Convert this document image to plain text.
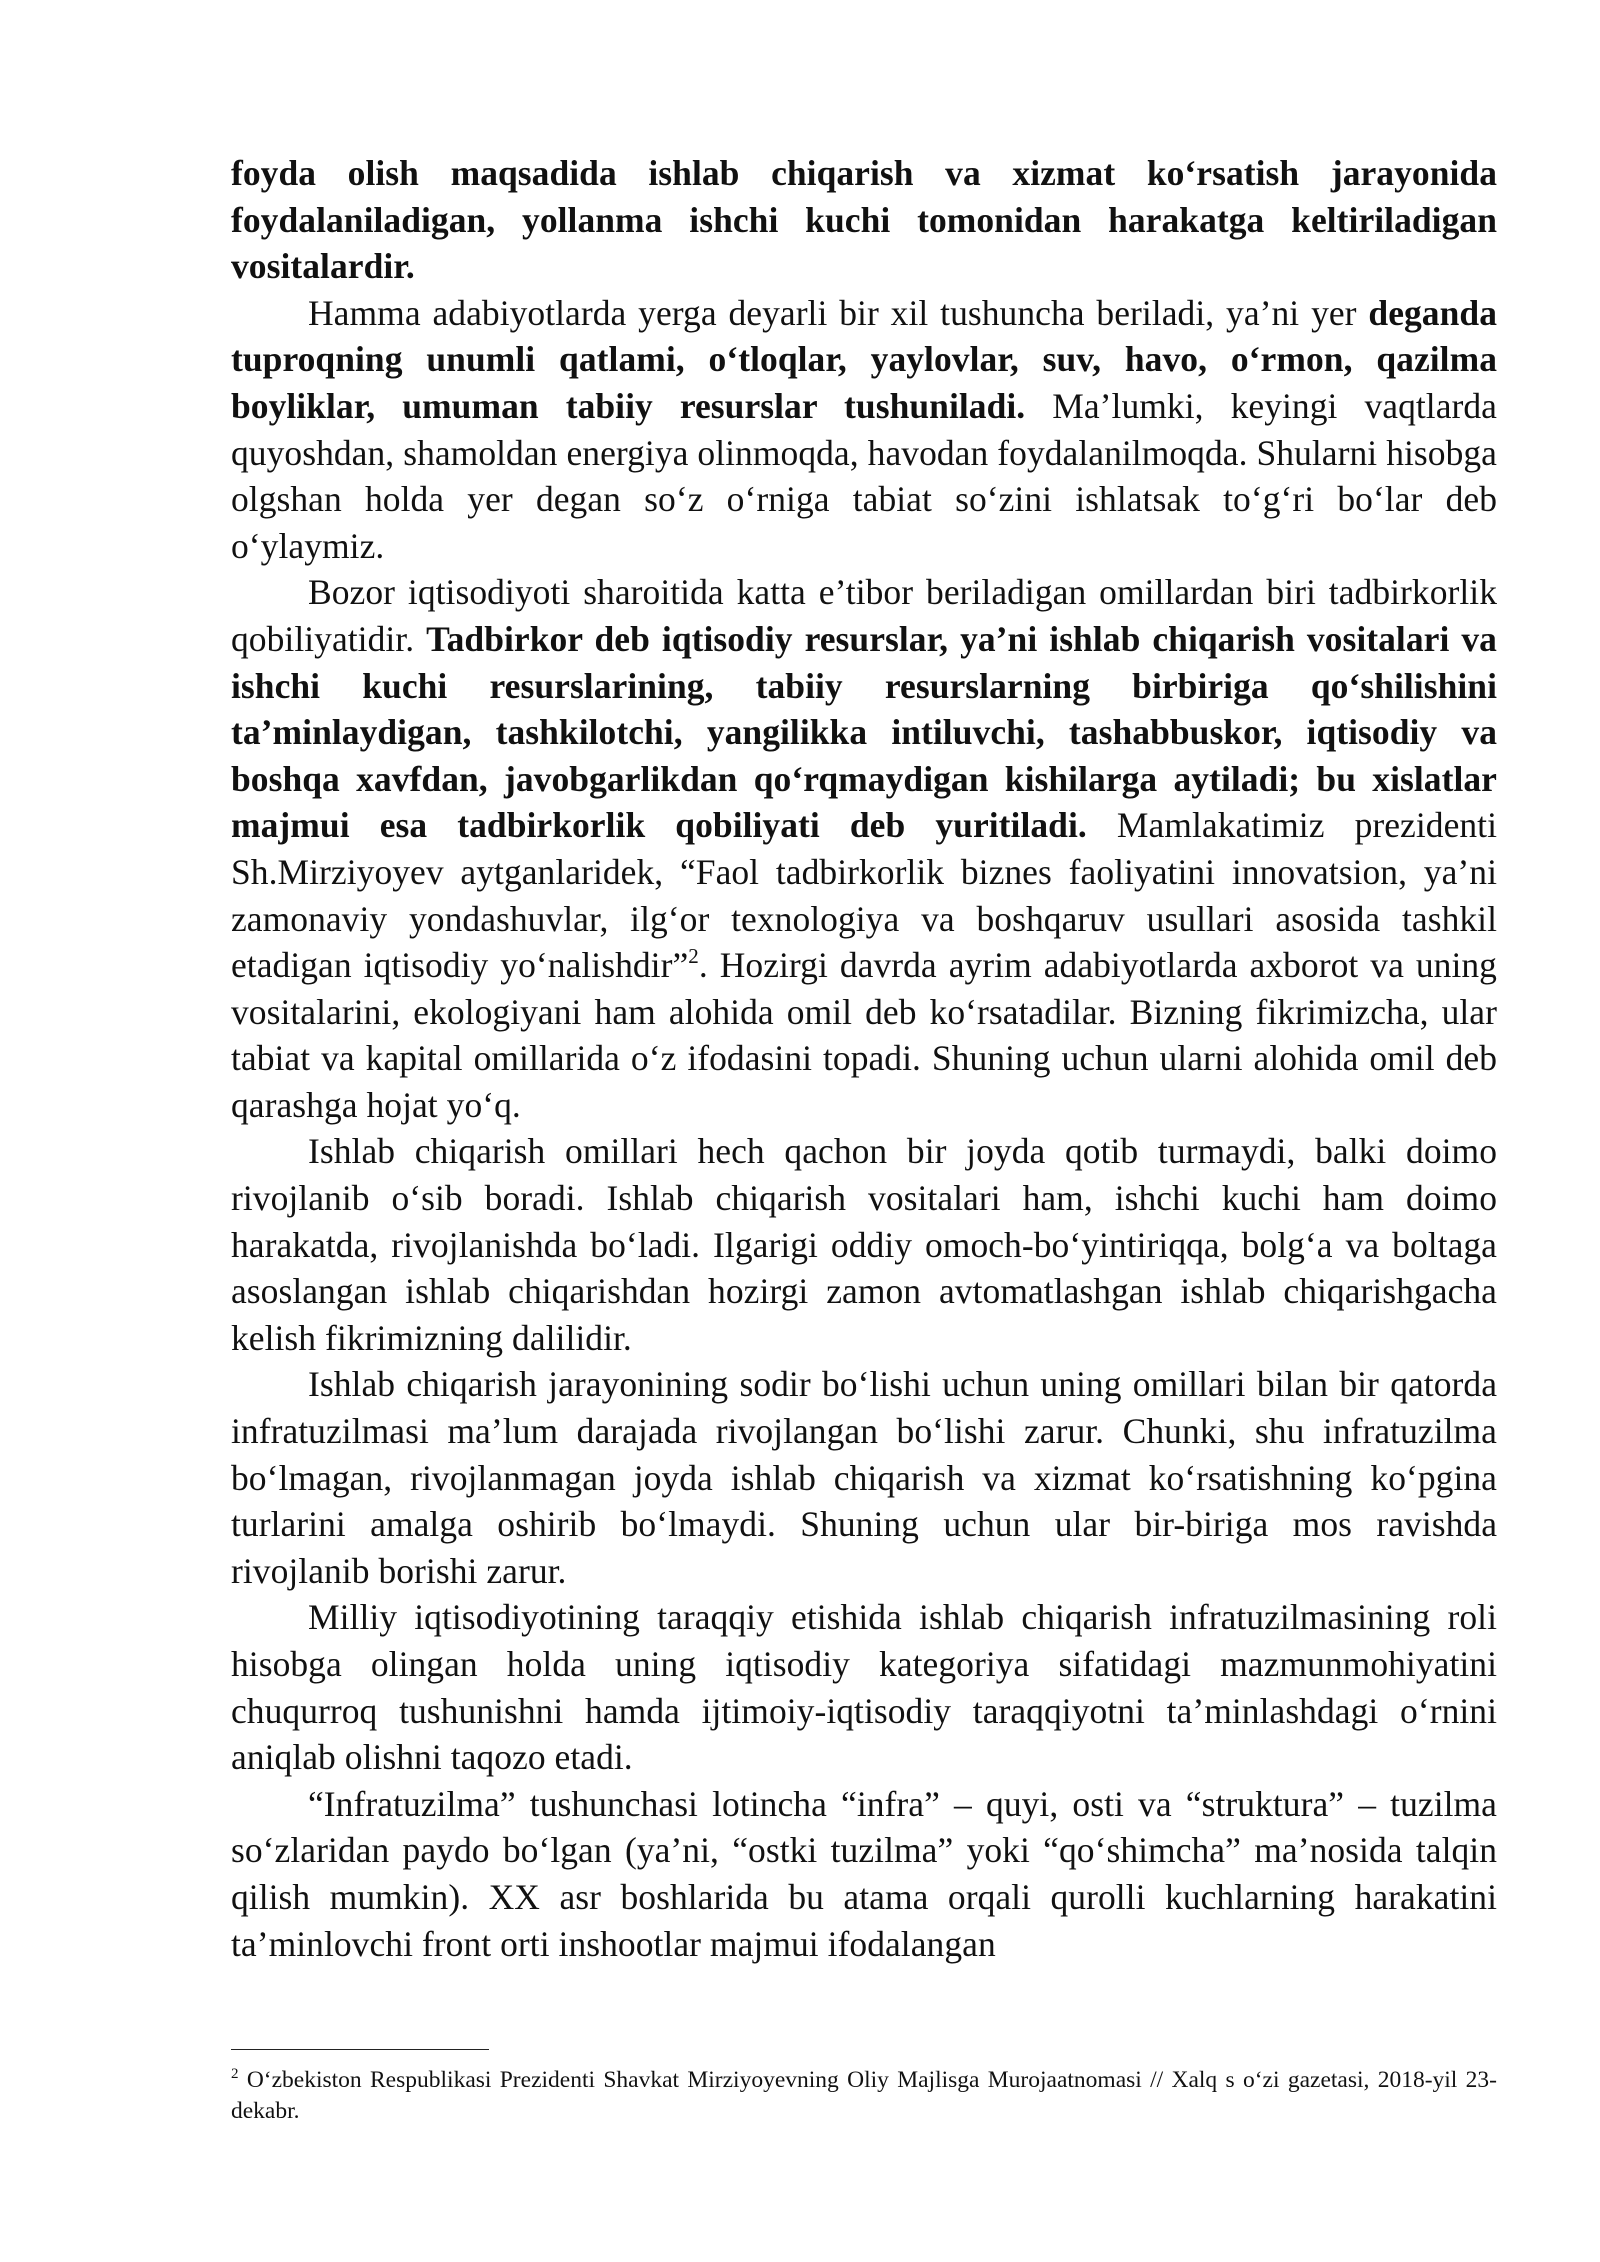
foyda olish maqsadida ishlab chiqarish va xizmat koʻrsatish jarayonida foydalaniladigan, yollanma ishchi kuchi tomonidan harakatga keltiriladigan vositalardir.

Hamma adabiyotlarda yerga deyarli bir xil tushuncha beriladi, ya’ni yer deganda tuproqning unumli qatlami, oʻtloqlar, yaylovlar, suv, havo, oʻrmon, qazilma boyliklar, umuman tabiiy resurslar tushuniladi. Ma’lumki, keyingi vaqtlarda quyoshdan, shamoldan energiya olinmoqda, havodan foydalanilmoqda. Shularni hisobga olgshan holda yer degan soʻz oʻrniga tabiat soʻzini ishlatsak toʻgʻri boʻlar deb oʻylaymiz.

Bozor iqtisodiyoti sharoitida katta e’tibor beriladigan omillardan biri tadbirkorlik qobiliyatidir. Tadbirkor deb iqtisodiy resurslar, ya’ni ishlab chiqarish vositalari va ishchi kuchi resurslarining, tabiiy resurslarning birbiriga qoʻshilishini ta’minlaydigan, tashkilotchi, yangilikka intiluvchi, tashabbuskor, iqtisodiy va boshqa xavfdan, javobgarlikdan qoʻrqmaydigan kishilarga aytiladi; bu xislatlar majmui esa tadbirkorlik qobiliyati deb yuritiladi. Mamlakatimiz prezidenti Sh.Mirziyoyev aytganlaridek, “Faol tadbirkorlik biznes faoliyatini innovatsion, ya’ni zamonaviy yondashuvlar, ilgʻor texnologiya va boshqaruv usullari asosida tashkil etadigan iqtisodiy yoʻnalishdir”$^2$. Hozirgi davrda ayrim adabiyotlarda axborot va uning vositalarini, ekologiyani ham alohida omil deb koʻrsatadilar. Bizning fikrimizcha, ular tabiat va kapital omillarida oʻz ifodasini topadi. Shuning uchun ularni alohida omil deb qarashga hojat yoʻq.

Ishlab chiqarish omillari hech qachon bir joyda qotib turmaydi, balki doimo rivojlanib oʻsib boradi. Ishlab chiqarish vositalari ham, ishchi kuchi ham doimo harakatda, rivojlanishda boʻladi. Ilgarigi oddiy omoch-boʻyintiriqqa, bolgʻa va boltaga asoslangan ishlab chiqarishdan hozirgi zamon avtomatlashgan ishlab chiqarishgacha kelish fikrimizning dalilidir.

Ishlab chiqarish jarayonining sodir boʻlishi uchun uning omillari bilan bir qatorda infratuzilmasi ma’lum darajada rivojlangan boʻlishi zarur. Chunki, shu infratuzilma boʻlmagan, rivojlanmagan joyda ishlab chiqarish va xizmat koʻrsatishning koʻpgina turlarini amalga oshirib boʻlmaydi. Shuning uchun ular bir-biriga mos ravishda rivojlanib borishi zarur.

Milliy iqtisodiyotining taraqqiy etishida ishlab chiqarish infratuzilmasining roli hisobga olingan holda uning iqtisodiy kategoriya sifatidagi mazmunmohiyatini chuqurroq tushunishni hamda ijtimoiy-iqtisodiy taraqqiyotni ta’minlashdagi oʻrnini aniqlab olishni taqozo etadi.

“Infratuzilma” tushunchasi lotincha “infra” – quyi, osti va “struktura” – tuzilma soʻzlaridan paydo boʻlgan (ya’ni, “ostki tuzilma” yoki “qoʻshimcha” ma’nosida talqin qilish mumkin). XX asr boshlarida bu atama orqali qurolli kuchlarning harakatini ta’minlovchi front orti inshootlar majmui ifodalangan

$^2$ Oʻzbekiston Respublikasi Prezidenti Shavkat Mirziyoyevning Oliy Majlisga Murojaatnomasi // Xalq s oʻzi gazetasi, 2018-yil 23-dekabr.
